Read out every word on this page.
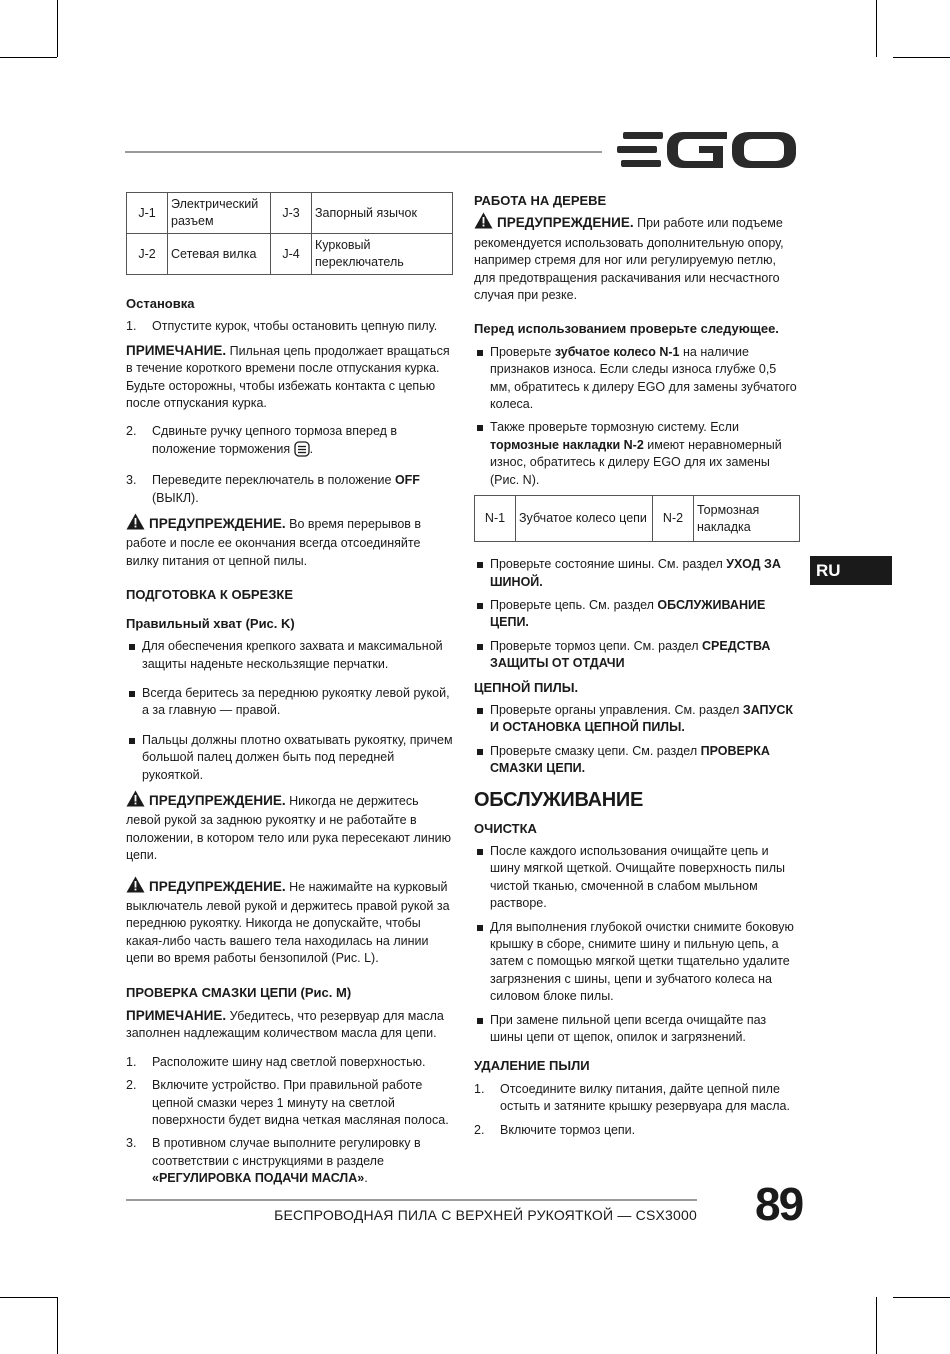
J-1	Электрический разъем	J-3	Запорный язычок
J-2	Сетевая вилка	J-4	Курковый переключатель
Остановка
1. Отпустите курок, чтобы остановить цепную пилу.

ПРИМЕЧАНИЕ. Пильная цепь продолжает вращаться в течение короткого времени после отпускания курка. Будьте осторожны, чтобы избежать контакта с цепью после отпускания курка.

2. Сдвиньте ручку цепного тормоза вперед в положение торможения .
3. Переведите переключатель в положение OFF (ВЫКЛ).

ПРЕДУПРЕЖДЕНИЕ. Во время перерывов в работе и после ее окончания всегда отсоединяйте вилку питания от цепной пилы.

ПОДГОТОВКА К ОБРЕЗКЕ
Правильный хват (Рис. K)
Для обеспечения крепкого захвата и максимальной защиты наденьте нескользящие перчатки.
Всегда беритесь за переднюю рукоятку левой рукой, а за главную — правой.
Пальцы должны плотно охватывать рукоятку, причем большой палец должен быть под передней рукояткой.

ПРЕДУПРЕЖДЕНИЕ. Никогда не держитесь левой рукой за заднюю рукоятку и не работайте в положении, в котором тело или рука пересекают линию цепи.

ПРЕДУПРЕЖДЕНИЕ. Не нажимайте на курковый выключатель левой рукой и держитесь правой рукой за переднюю рукоятку. Никогда не допускайте, чтобы какая-либо часть вашего тела находилась на линии цепи во время работы бензопилой (Рис. L).

ПРОВЕРКА СМАЗКИ ЦЕПИ (Рис. M)

ПРИМЕЧАНИЕ. Убедитесь, что резервуар для масла заполнен надлежащим количеством масла для цепи.

1. Расположите шину над светлой поверхностью.
2. Включите устройство. При правильной работе цепной смазки через 1 минуту на светлой поверхности будет видна четкая масляная полоса.
3. В противном случае выполните регулировку в соответствии с инструкциями в разделе «РЕГУЛИРОВКА ПОДАЧИ МАСЛА».
РАБОТА НА ДЕРЕВЕ

ПРЕДУПРЕЖДЕНИЕ. При работе или подъеме рекомендуется использовать дополнительную опору, например стремя для ног или регулируемую петлю, для предотвращения раскачивания или несчастного случая при резке.

Перед использованием проверьте следующее.
Проверьте зубчатое колесо N-1 на наличие признаков износа. Если следы износа глубже 0,5 мм, обратитесь к дилеру EGO для замены зубчатого колеса.
Также проверьте тормозную систему. Если тормозные накладки N-2 имеют неравномерный износ, обратитесь к дилеру EGO для их замены (Рис. N).
N-1	Зубчатое колесо цепи	N-2	Тормозная накладка
Проверьте состояние шины. См. раздел УХОД ЗА ШИНОЙ.
Проверьте цепь. См. раздел ОБСЛУЖИВАНИЕ ЦЕПИ.
Проверьте тормоз цепи. См. раздел СРЕДСТВА ЗАЩИТЫ ОТ ОТДАЧИ
ЦЕПНОЙ ПИЛЫ.
Проверьте органы управления. См. раздел ЗАПУСК И ОСТАНОВКА ЦЕПНОЙ ПИЛЫ.
Проверьте смазку цепи. См. раздел ПРОВЕРКА СМАЗКИ ЦЕПИ.
ОБСЛУЖИВАНИЕ
ОЧИСТКА
После каждого использования очищайте цепь и шину мягкой щеткой. Очищайте поверхность пилы чистой тканью, смоченной в слабом мыльном растворе.
Для выполнения глубокой очистки снимите боковую крышку в сборе, снимите шину и пильную цепь, а затем с помощью мягкой щетки тщательно удалите загрязнения с шины, цепи и зубчатого колеса на силовом блоке пилы.
При замене пильной цепи всегда очищайте паз шины цепи от щепок, опилок и загрязнений.
УДАЛЕНИЕ ПЫЛИ
1. Отсоедините вилку питания, дайте цепной пиле остыть и затяните крышку резервуара для масла.
2. Включите тормоз цепи.
RU
БЕСПРОВОДНАЯ ПИЛА С ВЕРХНЕЙ РУКОЯТКОЙ — CSX3000 89
